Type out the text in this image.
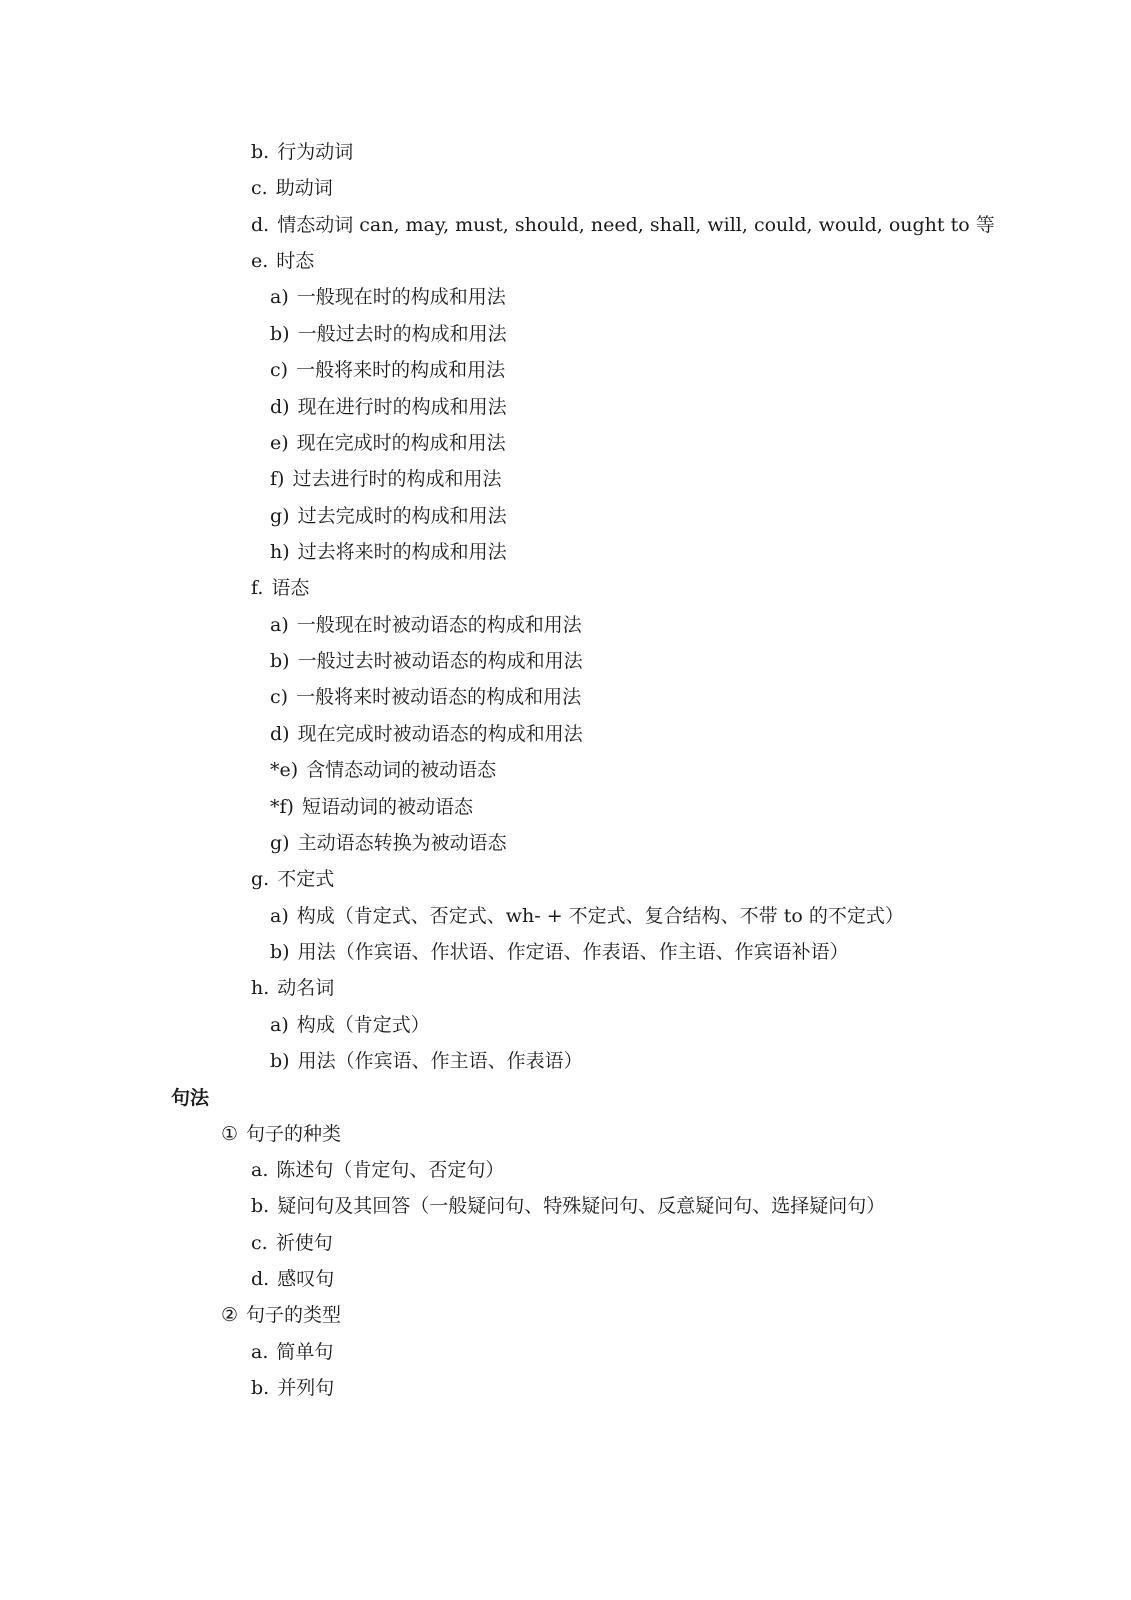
b. 行为动词
c. 助动词
d. 情态动词 can, may, must, should, need, shall, will, could, would, ought to 等
e. 时态
a) 一般现在时的构成和用法
b) 一般过去时的构成和用法
c) 一般将来时的构成和用法
d) 现在进行时的构成和用法
e) 现在完成时的构成和用法
f) 过去进行时的构成和用法
g) 过去完成时的构成和用法
h) 过去将来时的构成和用法
f. 语态
a) 一般现在时被动语态的构成和用法
b) 一般过去时被动语态的构成和用法
c) 一般将来时被动语态的构成和用法
d) 现在完成时被动语态的构成和用法
*e) 含情态动词的被动语态
*f) 短语动词的被动语态
g) 主动语态转换为被动语态
g. 不定式
a) 构成（肯定式、否定式、wh- + 不定式、复合结构、不带 to 的不定式）
b) 用法（作宾语、作状语、作定语、作表语、作主语、作宾语补语）
h. 动名词
a) 构成（肯定式）
b) 用法（作宾语、作主语、作表语）
句法
① 句子的种类
a. 陈述句（肯定句、否定句）
b. 疑问句及其回答（一般疑问句、特殊疑问句、反意疑问句、选择疑问句）
c. 祈使句
d. 感叹句
② 句子的类型
a. 简单句
b. 并列句
